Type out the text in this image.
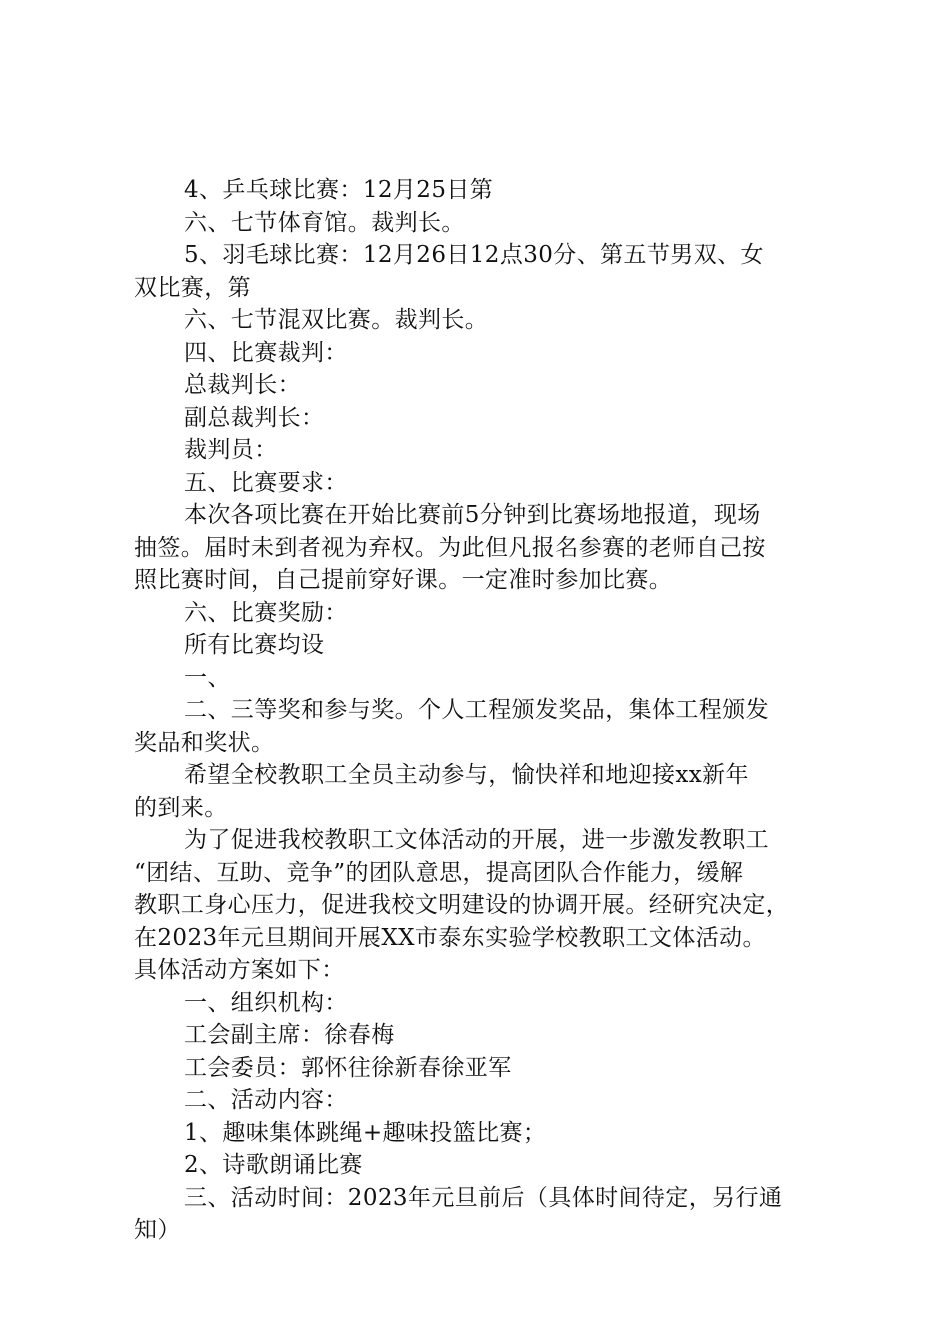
4、乒乓球比赛：12月25日第

六、七节体育馆。裁判长。

5、羽毛球比赛：12月26日12点30分、第五节男双、女

双比赛，第

六、七节混双比赛。裁判长。

四、比赛裁判：

总裁判长：

副总裁判长：

裁判员：

五、比赛要求：

本次各项比赛在开始比赛前5分钟到比赛场地报道，现场

抽签。届时未到者视为弃权。为此但凡报名参赛的老师自己按

照比赛时间，自己提前穿好课。一定准时参加比赛。

六、比赛奖励：

所有比赛均设

一、

二、三等奖和参与奖。个人工程颁发奖品，集体工程颁发

奖品和奖状。

希望全校教职工全员主动参与，愉快祥和地迎接xx新年

的到来。

为了促进我校教职工文体活动的开展，进一步激发教职工

“团结、互助、竞争”的团队意思，提高团队合作能力，缓解

教职工身心压力，促进我校文明建设的协调开展。经研究决定，

在2023年元旦期间开展XX市泰东实验学校教职工文体活动。

具体活动方案如下：

一、组织机构：

工会副主席：徐春梅

工会委员：郭怀往徐新春徐亚军

二、活动内容：

1、趣味集体跳绳+趣味投篮比赛；

2、诗歌朗诵比赛

三、活动时间：2023年元旦前后（具体时间待定，另行通

知）
